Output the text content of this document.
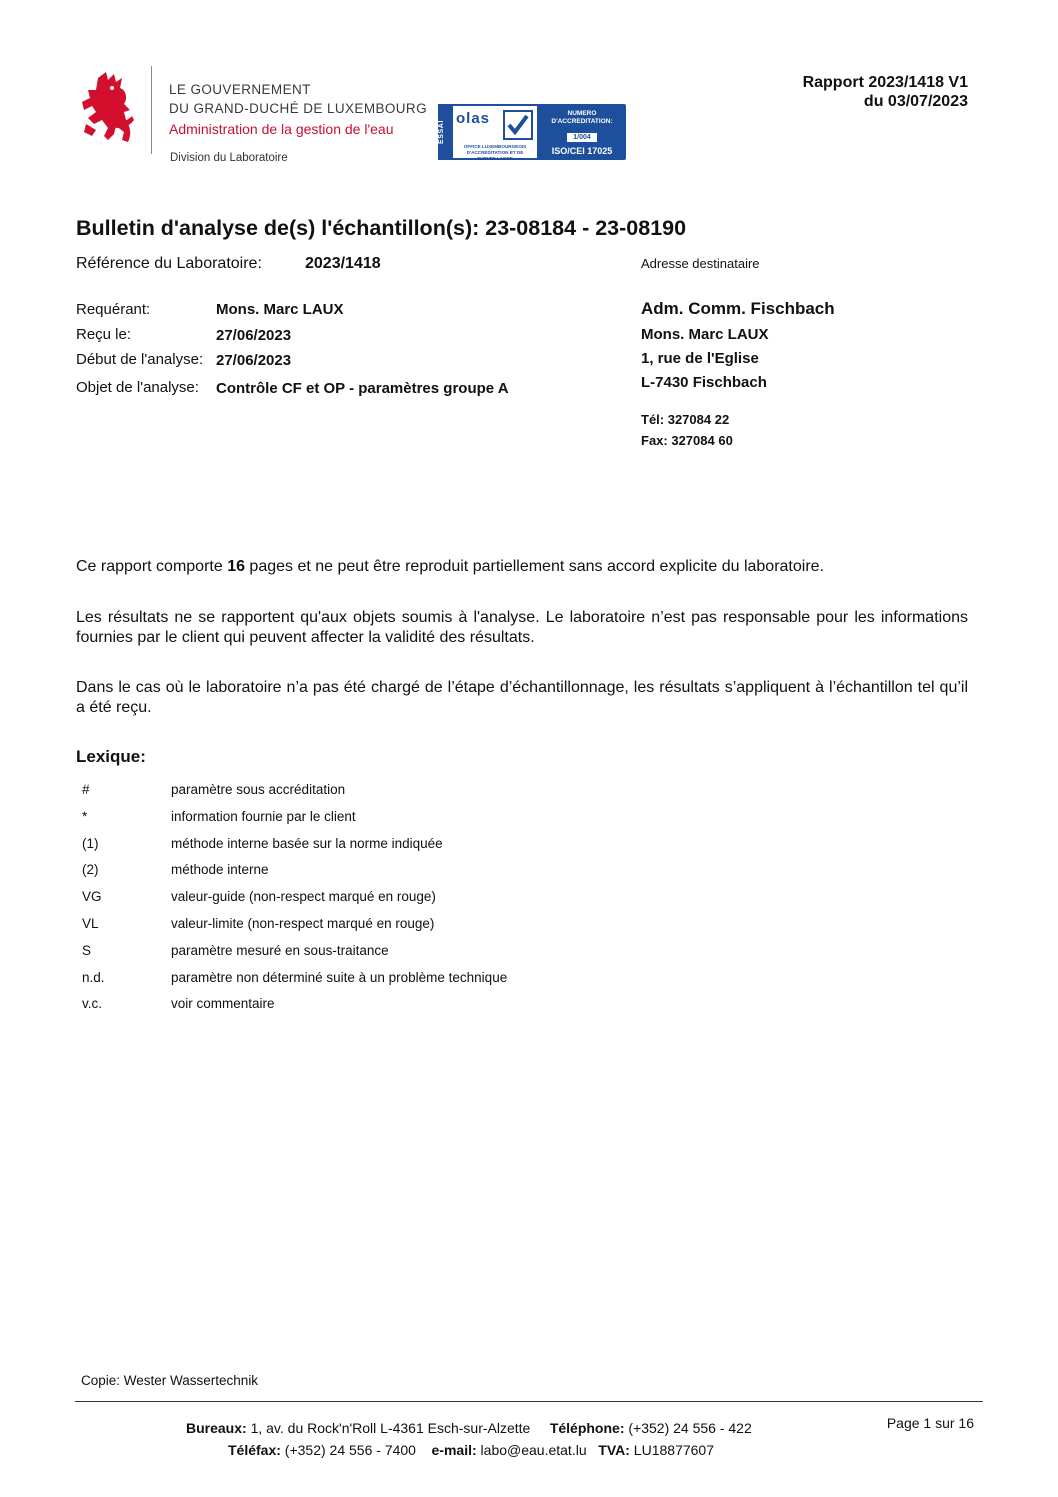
LE GOUVERNEMENT
DU GRAND-DUCHÉ DE LUXEMBOURG
Administration de la gestion de l'eau
Division du Laboratoire
ESSAI
olas
OFFICE LUXEMBOURGEOIS D'ACCRÉDITATION ET DE SURVEILLANCE
NUMERO D'ACCREDITATION:
1/004
ISO/CEI 17025
Rapport 2023/1418 V1
du 03/07/2023
Bulletin d'analyse de(s) l'échantillon(s): 23-08184 - 23-08190
Référence du Laboratoire:	2023/1418	Adresse destinataire
Requérant:	Mons. Marc LAUX
Reçu le:	27/06/2023
Début de l'analyse: 27/06/2023
Objet de l'analyse: Contrôle CF et OP - paramètres groupe A
Adm. Comm. Fischbach
Mons. Marc LAUX
1, rue de l'Eglise
L-7430 Fischbach
Tél: 327084 22
Fax: 327084 60
Ce rapport comporte 16 pages et ne peut être reproduit partiellement sans accord explicite du laboratoire.
Les résultats ne se rapportent qu'aux objets soumis à l'analyse. Le laboratoire n’est pas responsable pour les informations fournies par le client qui peuvent affecter la validité des résultats.
Dans le cas où le laboratoire n’a pas été chargé de l’étape d’échantillonnage, les résultats s’appliquent à l’échantillon tel qu’il a été reçu.
Lexique:
#	paramètre sous accréditation
*	information fournie par le client
(1)	méthode interne basée sur la norme indiquée
(2)	méthode interne
VG	valeur-guide (non-respect marqué en rouge)
VL	valeur-limite (non-respect marqué en rouge)
S	paramètre mesuré en sous-traitance
n.d.	paramètre non déterminé suite à un problème technique
v.c.	voir commentaire
Copie: Wester Wassertechnik
Bureaux: 1, av. du Rock'n'Roll L-4361 Esch-sur-Alzette Téléphone: (+352) 24 556 - 422
Téléfax: (+352) 24 556 - 7400 e-mail: labo@eau.etat.lu TVA: LU18877607
Page 1 sur 16
